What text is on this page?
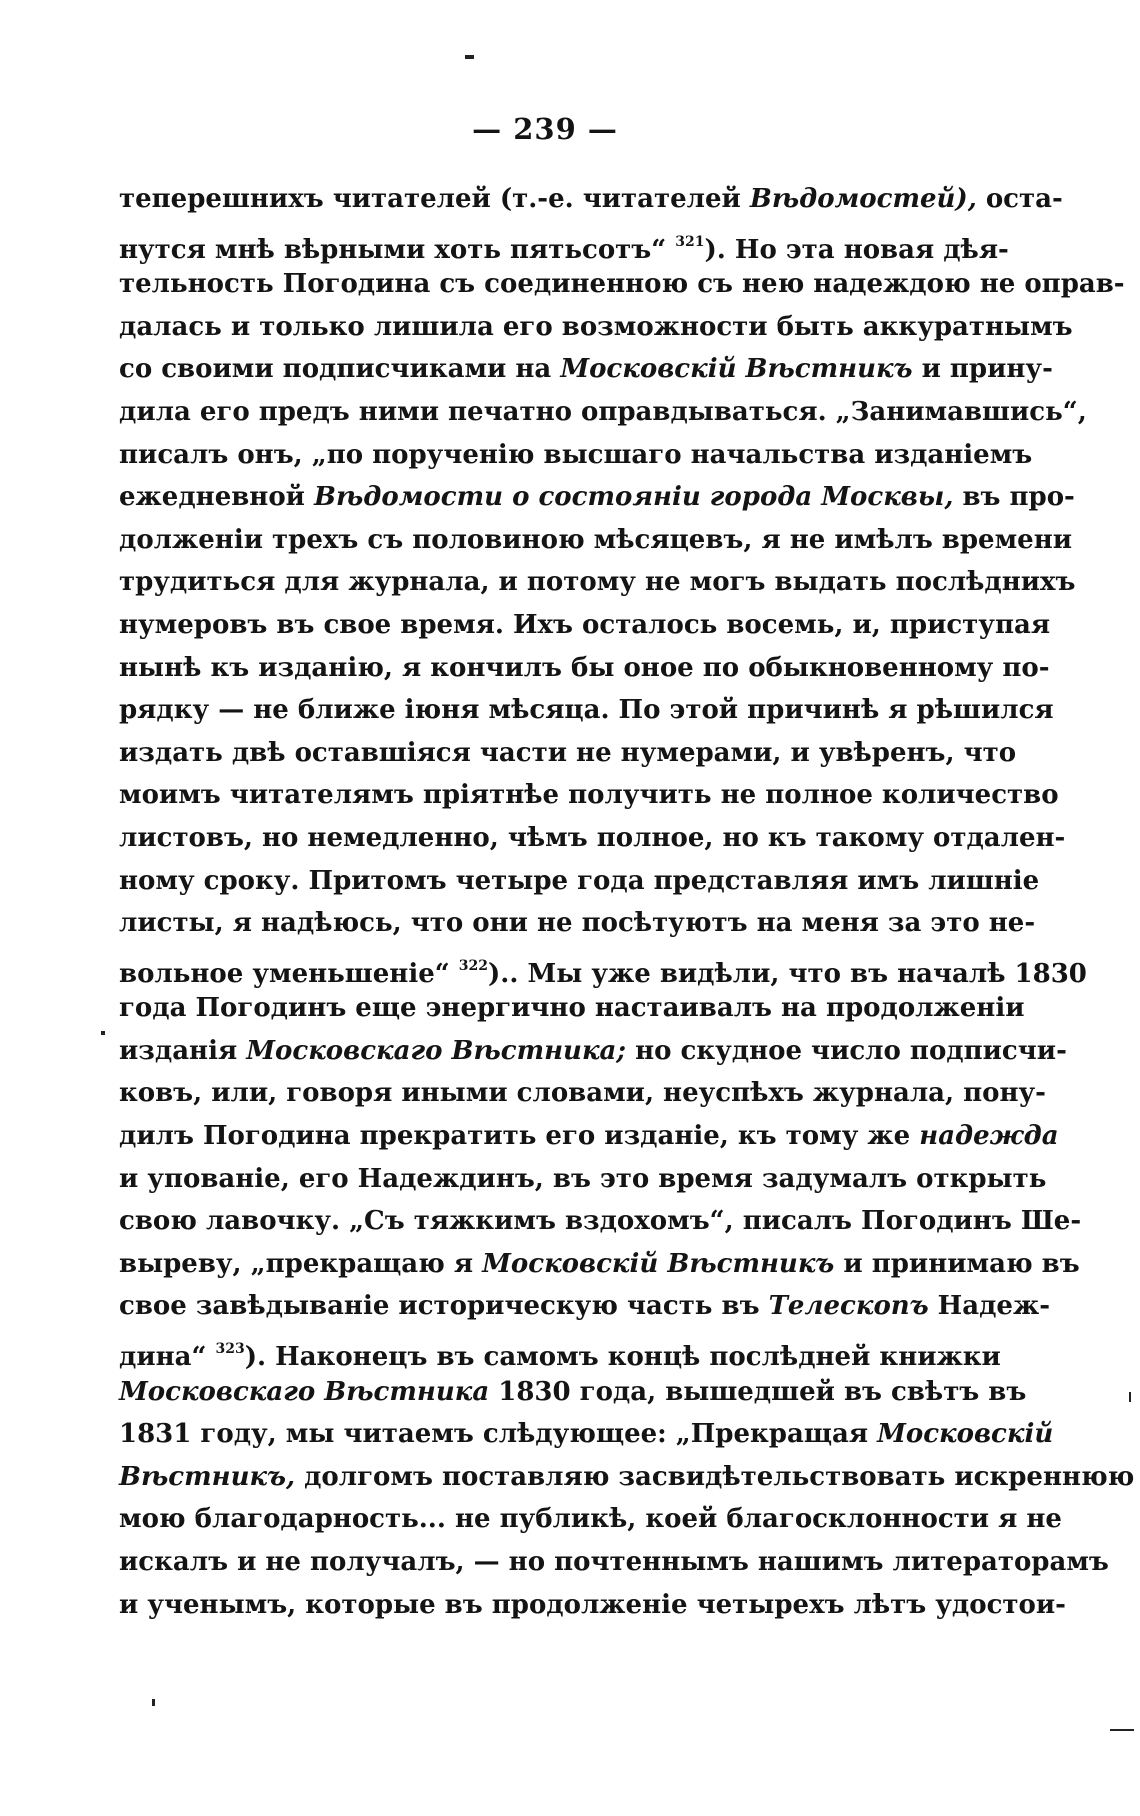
— 239 —
теперешнихъ читателей (т.-е. читателей Вѣдомостей), оста-
нутся мнѣ вѣрными хоть пятьсотъ“ $^{321}$). Но эта новая дѣя-
тельность Погодина съ соединенною съ нею надеждою не оправ-
далась и только лишила его возможности быть аккуратнымъ
со своими подписчиками на Московскій Вѣстникъ и прину-
дила его предъ ними печатно оправдываться. „Занимавшись“,
писалъ онъ, „по порученію высшаго начальства изданіемъ
ежедневной Вѣдомости о состояніи города Москвы, въ про-
долженіи трехъ съ половиною мѣсяцевъ, я не имѣлъ времени
трудиться для журнала, и потому не могъ выдать послѣднихъ
нумеровъ въ свое время. Ихъ осталось восемь, и, приступая
нынѣ къ изданію, я кончилъ бы оное по обыкновенному по-
рядку — не ближе іюня мѣсяца. По этой причинѣ я рѣшился
издать двѣ оставшіяся части не нумерами, и увѣренъ, что
моимъ читателямъ пріятнѣе получить не полное количество
листовъ, но немедленно, чѣмъ полное, но къ такому отдален-
ному сроку. Притомъ четыре года представляя имъ лишніе
листы, я надѣюсь, что они не посѣтуютъ на меня за это не-
вольное уменьшеніе“ $^{322}$).. Мы уже видѣли, что въ началѣ 1830
года Погодинъ еще энергично настаивалъ на продолженіи
изданія Московскаго Вѣстника; но скудное число подписчи-
ковъ, или, говоря иными словами, неуспѣхъ журнала, пону-
дилъ Погодина прекратить его изданіе, къ тому же надежда
и упованіе, его Надеждинъ, въ это время задумалъ открыть
свою лавочку. „Съ тяжкимъ вздохомъ“, писалъ Погодинъ Ше-
выреву, „прекращаю я Московскій Вѣстникъ и принимаю въ
свое завѣдываніе историческую часть въ Телескопъ Надеж-
дина“ $^{323}$). Наконецъ въ самомъ концѣ послѣдней книжки
Московскаго Вѣстника 1830 года, вышедшей въ свѣтъ въ
1831 году, мы читаемъ слѣдующее: „Прекращая Московскій
Вѣстникъ, долгомъ поставляю засвидѣтельствовать искреннюю
мою благодарность... не публикѣ, коей благосклонности я не
искалъ и не получалъ, — но почтеннымъ нашимъ литераторамъ
и ученымъ, которые въ продолженіе четырехъ лѣтъ удостои-
